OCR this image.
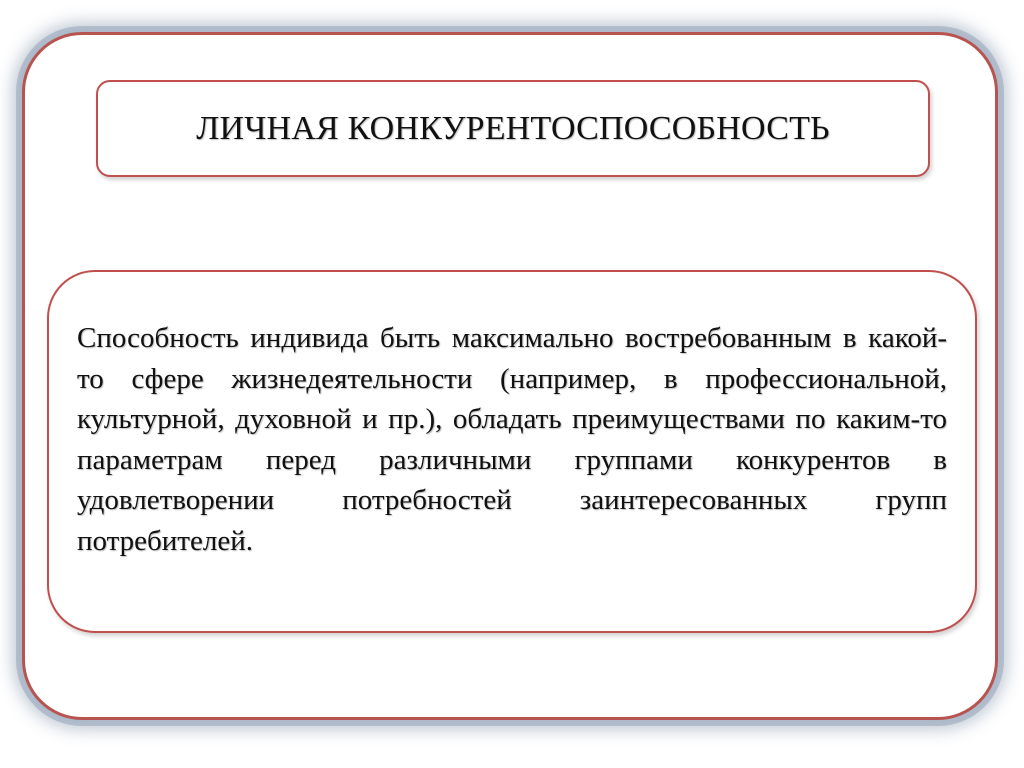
ЛИЧНАЯ КОНКУРЕНТОСПОСОБНОСТЬ

Способность индивида быть максимально востребованным в какой-то сфере жизнедеятельности (например, в профессиональной, культурной, духовной и пр.), обладать преимуществами по каким-то параметрам перед различными группами конкурентов в удовлетворении потребностей заинтересованных групп потребителей.
